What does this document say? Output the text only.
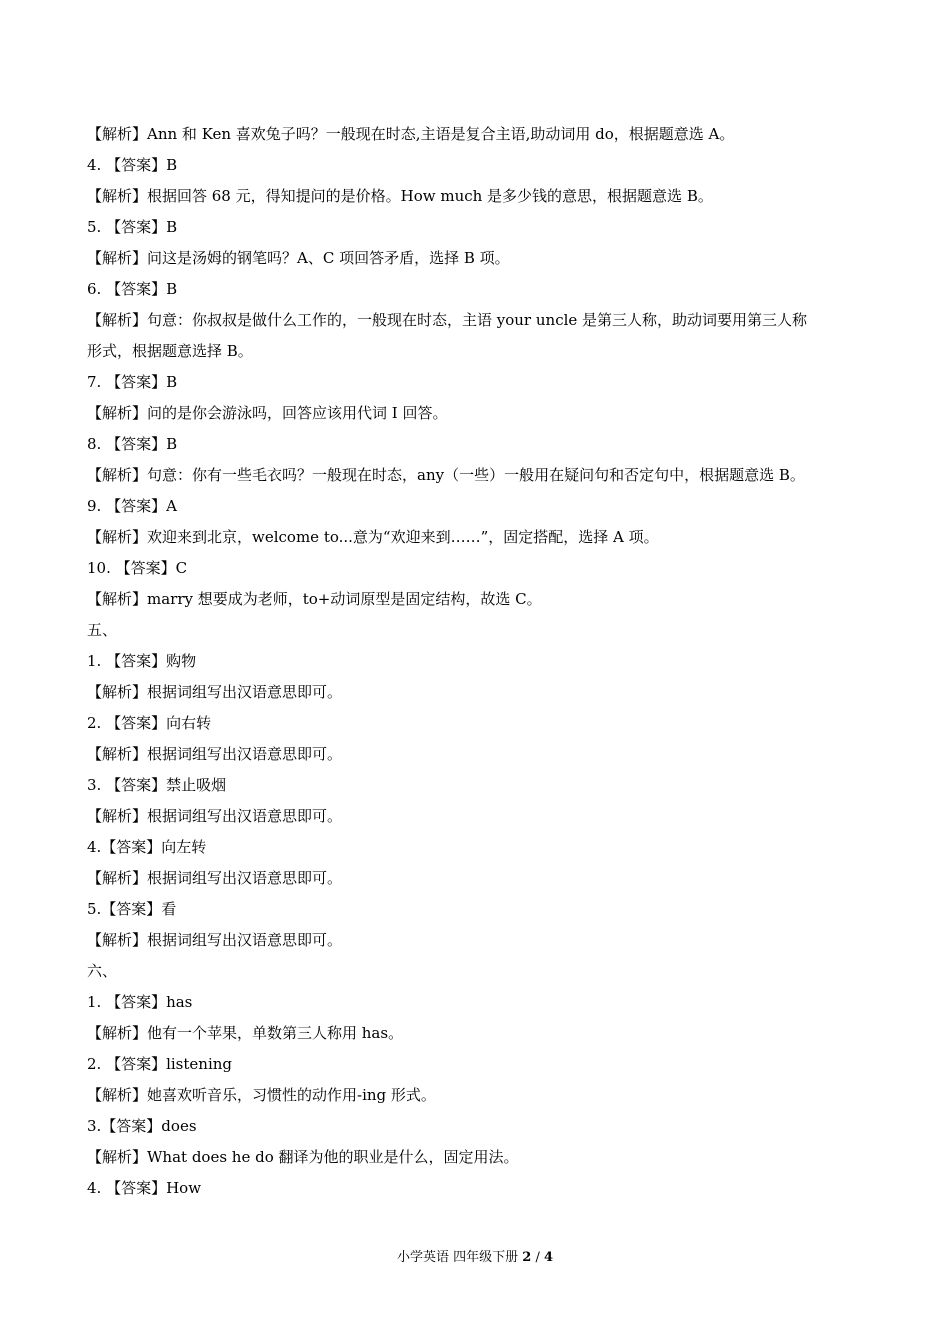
【解析】Ann 和 Ken 喜欢兔子吗？一般现在时态,主语是复合主语,助动词用 do，根据题意选 A。
4. 【答案】B
【解析】根据回答 68 元，得知提问的是价格。How much 是多少钱的意思，根据题意选 B。
5. 【答案】B
【解析】问这是汤姆的钢笔吗？A、C 项回答矛盾，选择 B 项。
6. 【答案】B
【解析】句意：你叔叔是做什么工作的，一般现在时态，主语 your uncle 是第三人称，助动词要用第三人称
形式，根据题意选择 B。
7. 【答案】B
【解析】问的是你会游泳吗，回答应该用代词 I 回答。
8. 【答案】B
【解析】句意：你有一些毛衣吗？一般现在时态，any（一些）一般用在疑问句和否定句中，根据题意选 B。
9. 【答案】A
【解析】欢迎来到北京，welcome to...意为“欢迎来到……”，固定搭配，选择 A 项。
10. 【答案】C
【解析】marry 想要成为老师，to+动词原型是固定结构，故选 C。
五、
1. 【答案】购物
【解析】根据词组写出汉语意思即可。
2. 【答案】向右转
【解析】根据词组写出汉语意思即可。
3. 【答案】禁止吸烟
【解析】根据词组写出汉语意思即可。
4.【答案】向左转
【解析】根据词组写出汉语意思即可。
5.【答案】看
【解析】根据词组写出汉语意思即可。
六、
1. 【答案】has
【解析】他有一个苹果，单数第三人称用 has。
2. 【答案】listening
【解析】她喜欢听音乐，习惯性的动作用-ing 形式。
3.【答案】does
【解析】What does he do 翻译为他的职业是什么，固定用法。
4. 【答案】How
小学英语 四年级下册 2 / 4
